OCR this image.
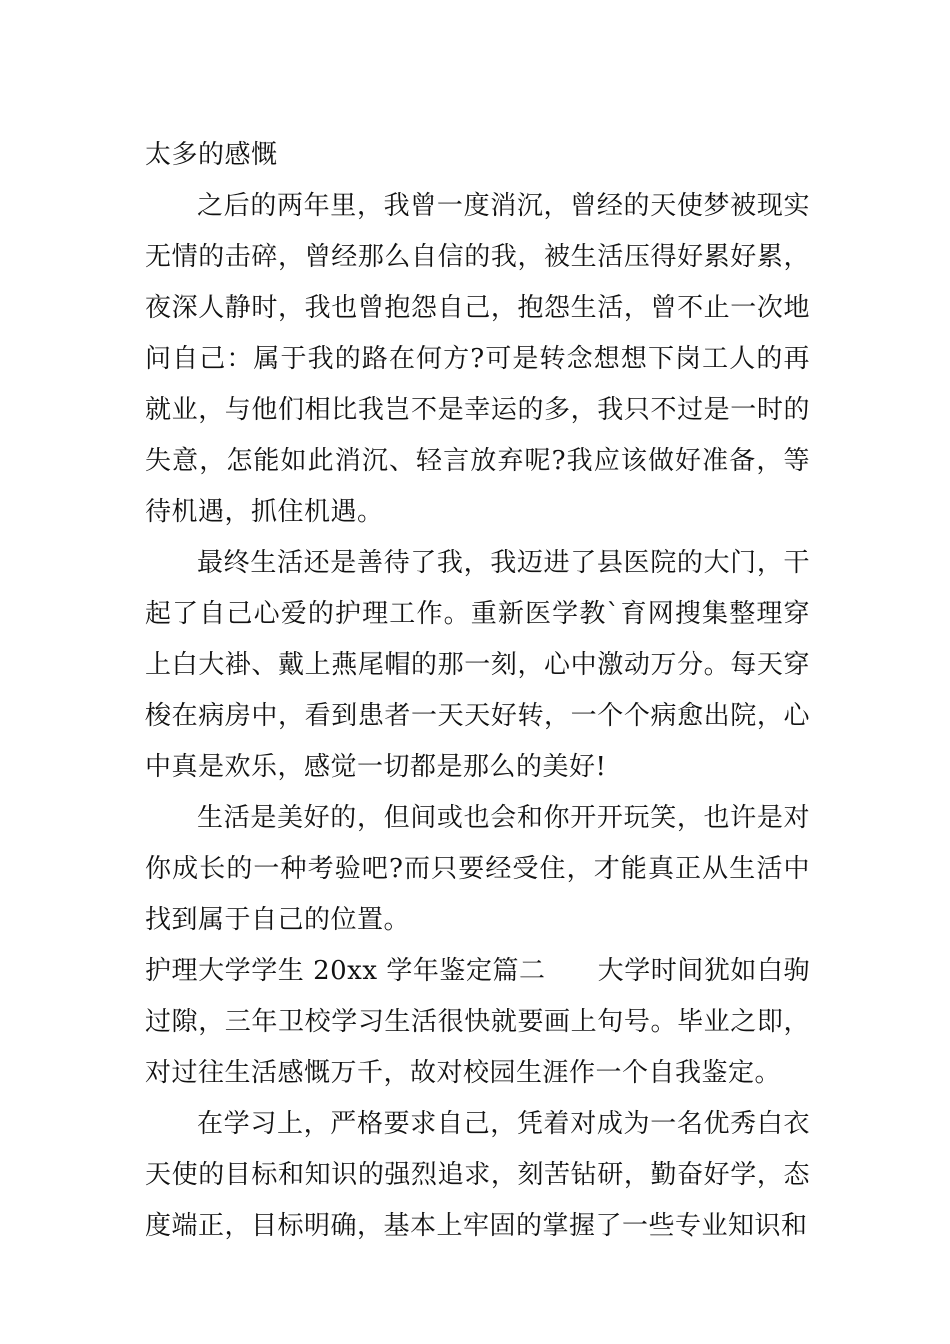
太多的感慨

之后的两年里，我曾一度消沉，曾经的天使梦被现实无情的击碎，曾经那么自信的我，被生活压得好累好累，夜深人静时，我也曾抱怨自己，抱怨生活，曾不止一次地问自己：属于我的路在何方?可是转念想想下岗工人的再就业，与他们相比我岂不是幸运的多，我只不过是一时的失意，怎能如此消沉、轻言放弃呢?我应该做好准备，等待机遇，抓住机遇。

最终生活还是善待了我，我迈进了县医院的大门，干起了自己心爱的护理工作。重新医学教`育网搜集整理穿上白大褂、戴上燕尾帽的那一刻，心中激动万分。每天穿梭在病房中，看到患者一天天好转，一个个病愈出院，心中真是欢乐，感觉一切都是那么的美好!

生活是美好的，但间或也会和你开开玩笑，也许是对你成长的一种考验吧?而只要经受住，才能真正从生活中找到属于自己的位置。

护理大学学生 20xx 学年鉴定篇二 大学时间犹如白驹过隙，三年卫校学习生活很快就要画上句号。毕业之即，对过往生活感慨万千，故对校园生涯作一个自我鉴定。

在学习上，严格要求自己，凭着对成为一名优秀白衣天使的目标和知识的强烈追求，刻苦钻研，勤奋好学，态度端正，目标明确，基本上牢固的掌握了一些专业知识和
